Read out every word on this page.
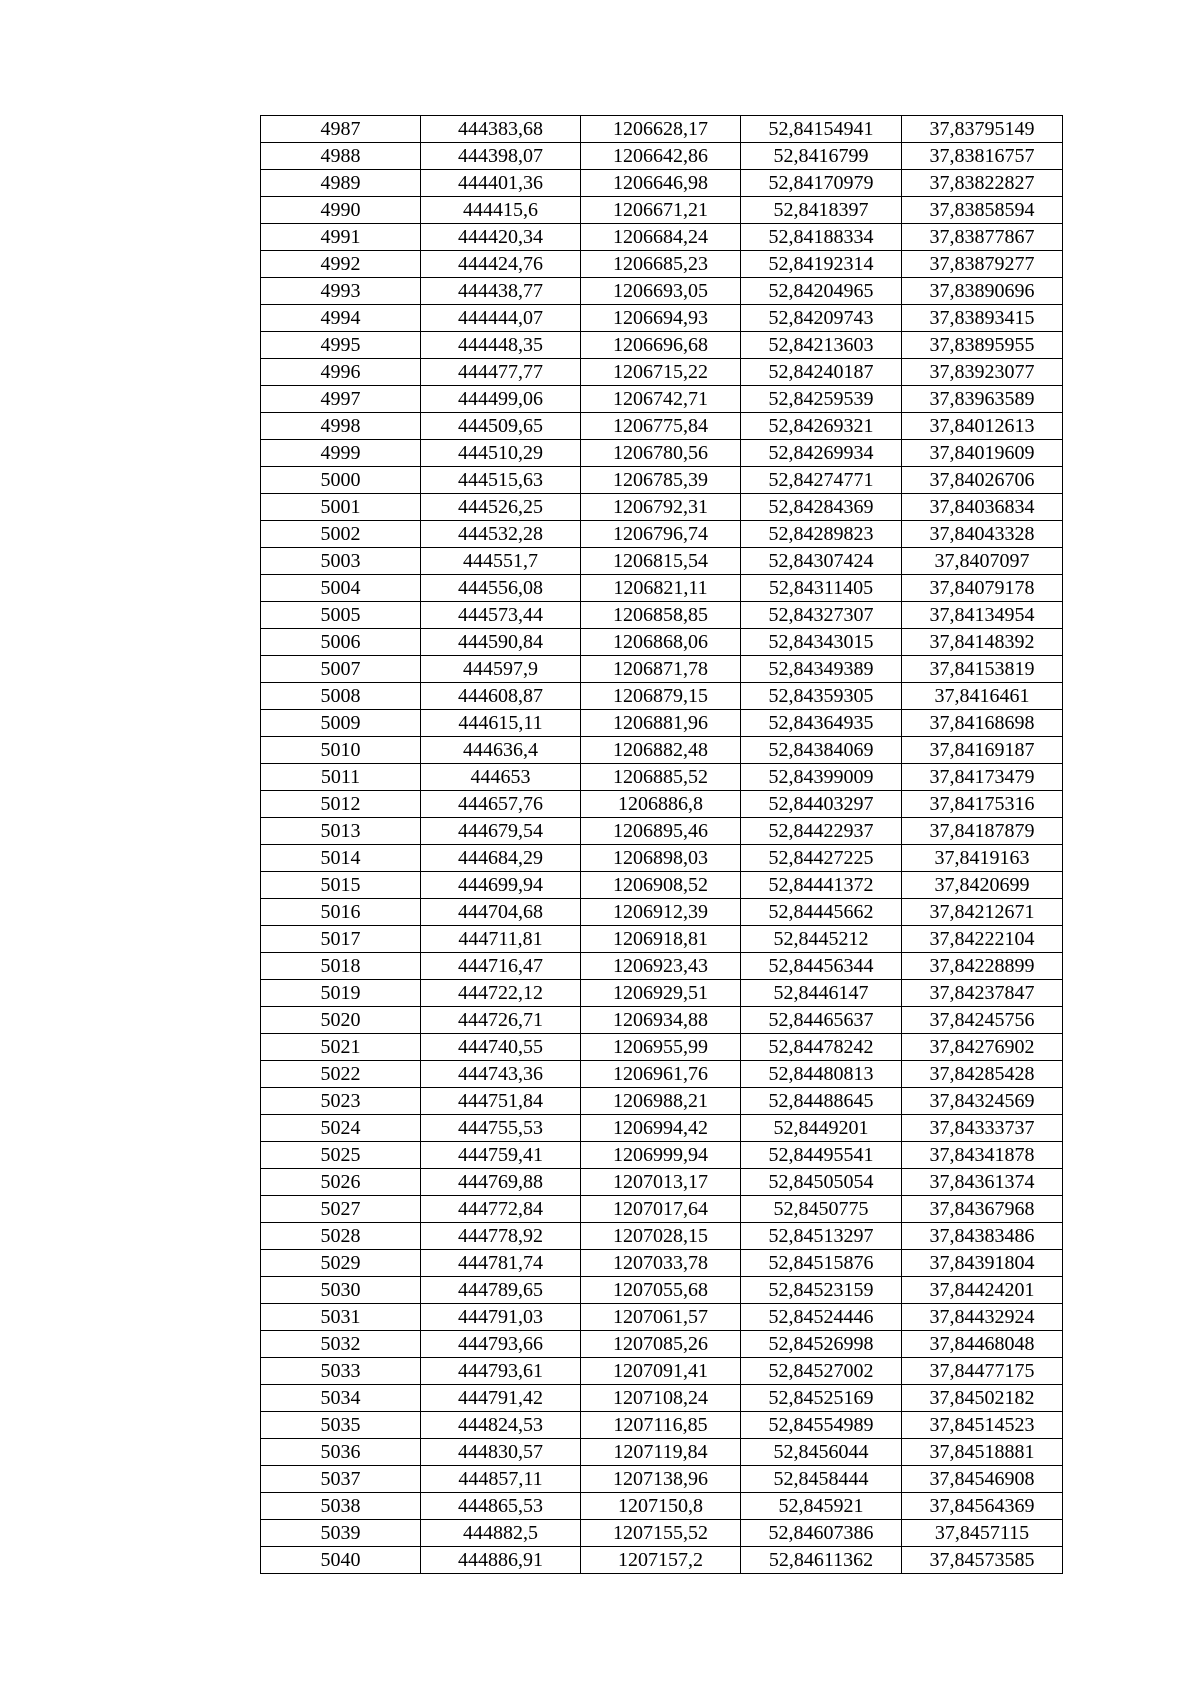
4987	444383,68	1206628,17	52,84154941	37,83795149
4988	444398,07	1206642,86	52,8416799	37,83816757
4989	444401,36	1206646,98	52,84170979	37,83822827
4990	444415,6	1206671,21	52,8418397	37,83858594
4991	444420,34	1206684,24	52,84188334	37,83877867
4992	444424,76	1206685,23	52,84192314	37,83879277
4993	444438,77	1206693,05	52,84204965	37,83890696
4994	444444,07	1206694,93	52,84209743	37,83893415
4995	444448,35	1206696,68	52,84213603	37,83895955
4996	444477,77	1206715,22	52,84240187	37,83923077
4997	444499,06	1206742,71	52,84259539	37,83963589
4998	444509,65	1206775,84	52,84269321	37,84012613
4999	444510,29	1206780,56	52,84269934	37,84019609
5000	444515,63	1206785,39	52,84274771	37,84026706
5001	444526,25	1206792,31	52,84284369	37,84036834
5002	444532,28	1206796,74	52,84289823	37,84043328
5003	444551,7	1206815,54	52,84307424	37,8407097
5004	444556,08	1206821,11	52,84311405	37,84079178
5005	444573,44	1206858,85	52,84327307	37,84134954
5006	444590,84	1206868,06	52,84343015	37,84148392
5007	444597,9	1206871,78	52,84349389	37,84153819
5008	444608,87	1206879,15	52,84359305	37,8416461
5009	444615,11	1206881,96	52,84364935	37,84168698
5010	444636,4	1206882,48	52,84384069	37,84169187
5011	444653	1206885,52	52,84399009	37,84173479
5012	444657,76	1206886,8	52,84403297	37,84175316
5013	444679,54	1206895,46	52,84422937	37,84187879
5014	444684,29	1206898,03	52,84427225	37,8419163
5015	444699,94	1206908,52	52,84441372	37,8420699
5016	444704,68	1206912,39	52,84445662	37,84212671
5017	444711,81	1206918,81	52,8445212	37,84222104
5018	444716,47	1206923,43	52,84456344	37,84228899
5019	444722,12	1206929,51	52,8446147	37,84237847
5020	444726,71	1206934,88	52,84465637	37,84245756
5021	444740,55	1206955,99	52,84478242	37,84276902
5022	444743,36	1206961,76	52,84480813	37,84285428
5023	444751,84	1206988,21	52,84488645	37,84324569
5024	444755,53	1206994,42	52,8449201	37,84333737
5025	444759,41	1206999,94	52,84495541	37,84341878
5026	444769,88	1207013,17	52,84505054	37,84361374
5027	444772,84	1207017,64	52,8450775	37,84367968
5028	444778,92	1207028,15	52,84513297	37,84383486
5029	444781,74	1207033,78	52,84515876	37,84391804
5030	444789,65	1207055,68	52,84523159	37,84424201
5031	444791,03	1207061,57	52,84524446	37,84432924
5032	444793,66	1207085,26	52,84526998	37,84468048
5033	444793,61	1207091,41	52,84527002	37,84477175
5034	444791,42	1207108,24	52,84525169	37,84502182
5035	444824,53	1207116,85	52,84554989	37,84514523
5036	444830,57	1207119,84	52,8456044	37,84518881
5037	444857,11	1207138,96	52,8458444	37,84546908
5038	444865,53	1207150,8	52,845921	37,84564369
5039	444882,5	1207155,52	52,84607386	37,8457115
5040	444886,91	1207157,2	52,84611362	37,84573585
